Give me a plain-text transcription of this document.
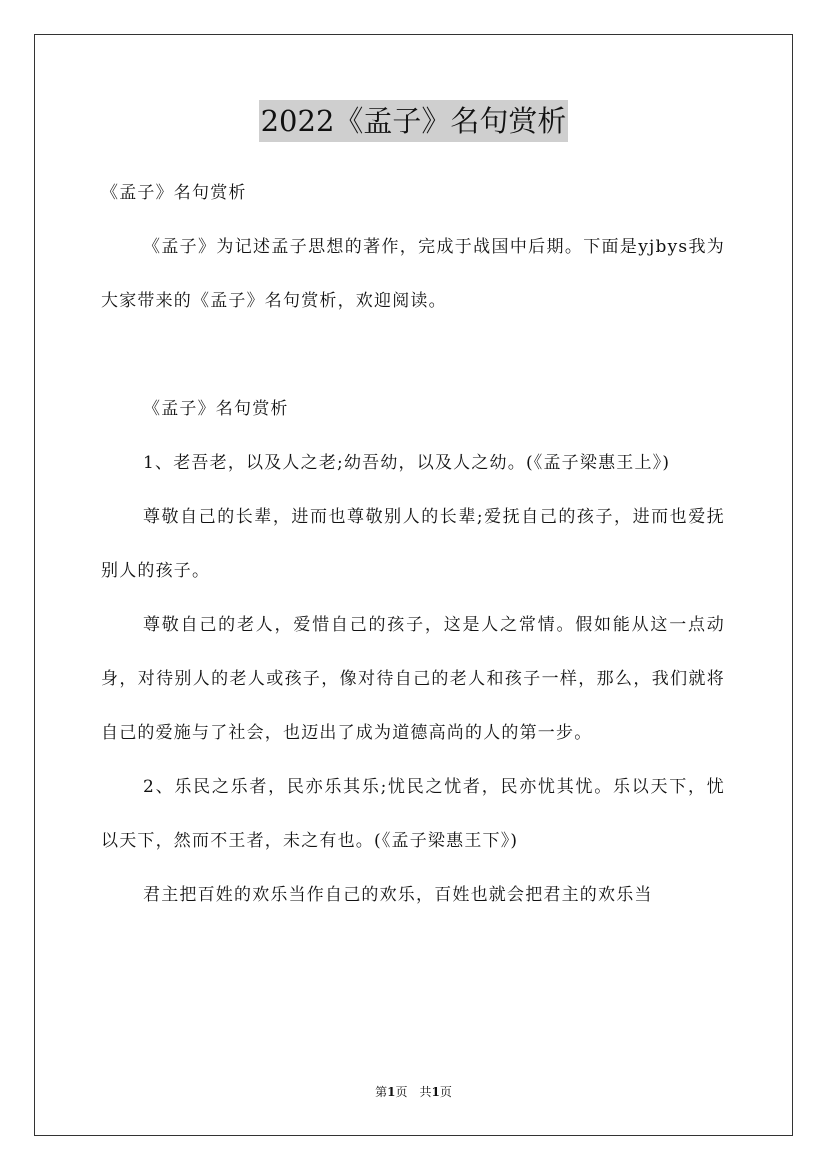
2022《孟子》名句赏析

《孟子》名句赏析

《孟子》为记述孟子思想的著作，完成于战国中后期。下面是yjbys我为大家带来的《孟子》名句赏析，欢迎阅读。

《孟子》名句赏析

1、老吾老，以及人之老;幼吾幼，以及人之幼。(《孟子梁惠王上》)

尊敬自己的长辈，进而也尊敬别人的长辈;爱抚自己的孩子，进而也爱抚别人的孩子。

尊敬自己的老人，爱惜自己的孩子，这是人之常情。假如能从这一点动身，对待别人的老人或孩子，像对待自己的老人和孩子一样，那么，我们就将自己的爱施与了社会，也迈出了成为道德高尚的人的第一步。

2、乐民之乐者，民亦乐其乐;忧民之忧者，民亦忧其忧。乐以天下，忧以天下，然而不王者，未之有也。(《孟子梁惠王下》)

君主把百姓的欢乐当作自己的欢乐，百姓也就会把君主的欢乐当

第1页 共1页
